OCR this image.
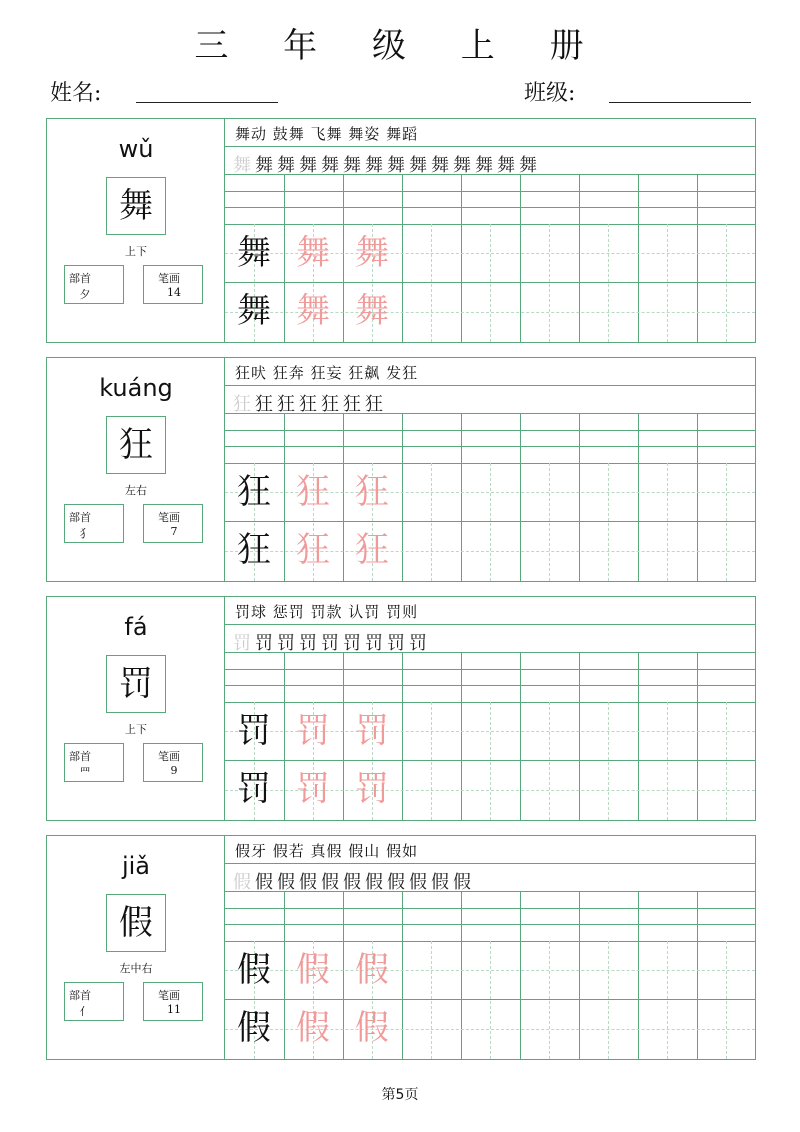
三 年 级 上 册
姓名:	班级:
wǔ
舞
上下
部首
夕
笔画
14
舞动 鼓舞 飞舞 舞姿 舞蹈
舞 舞 舞 舞 舞 舞 舞 舞 舞 舞 舞 舞 舞 舞
舞 舞 舞
舞 舞 舞
kuáng
狂
左右
部首
犭
笔画
7
狂吠 狂奔 狂妄 狂飙 发狂
狂 狂 狂 狂 狂 狂 狂
狂 狂 狂
狂 狂 狂
fá
罚
上下
部首
罒
笔画
9
罚球 惩罚 罚款 认罚 罚则
罚 罚 罚 罚 罚 罚 罚 罚 罚
罚 罚 罚
罚 罚 罚
jiǎ
假
左中右
部首
亻
笔画
11
假牙 假若 真假 假山 假如
假 假 假 假 假 假 假 假 假 假 假
假 假 假
假 假 假
第5页
